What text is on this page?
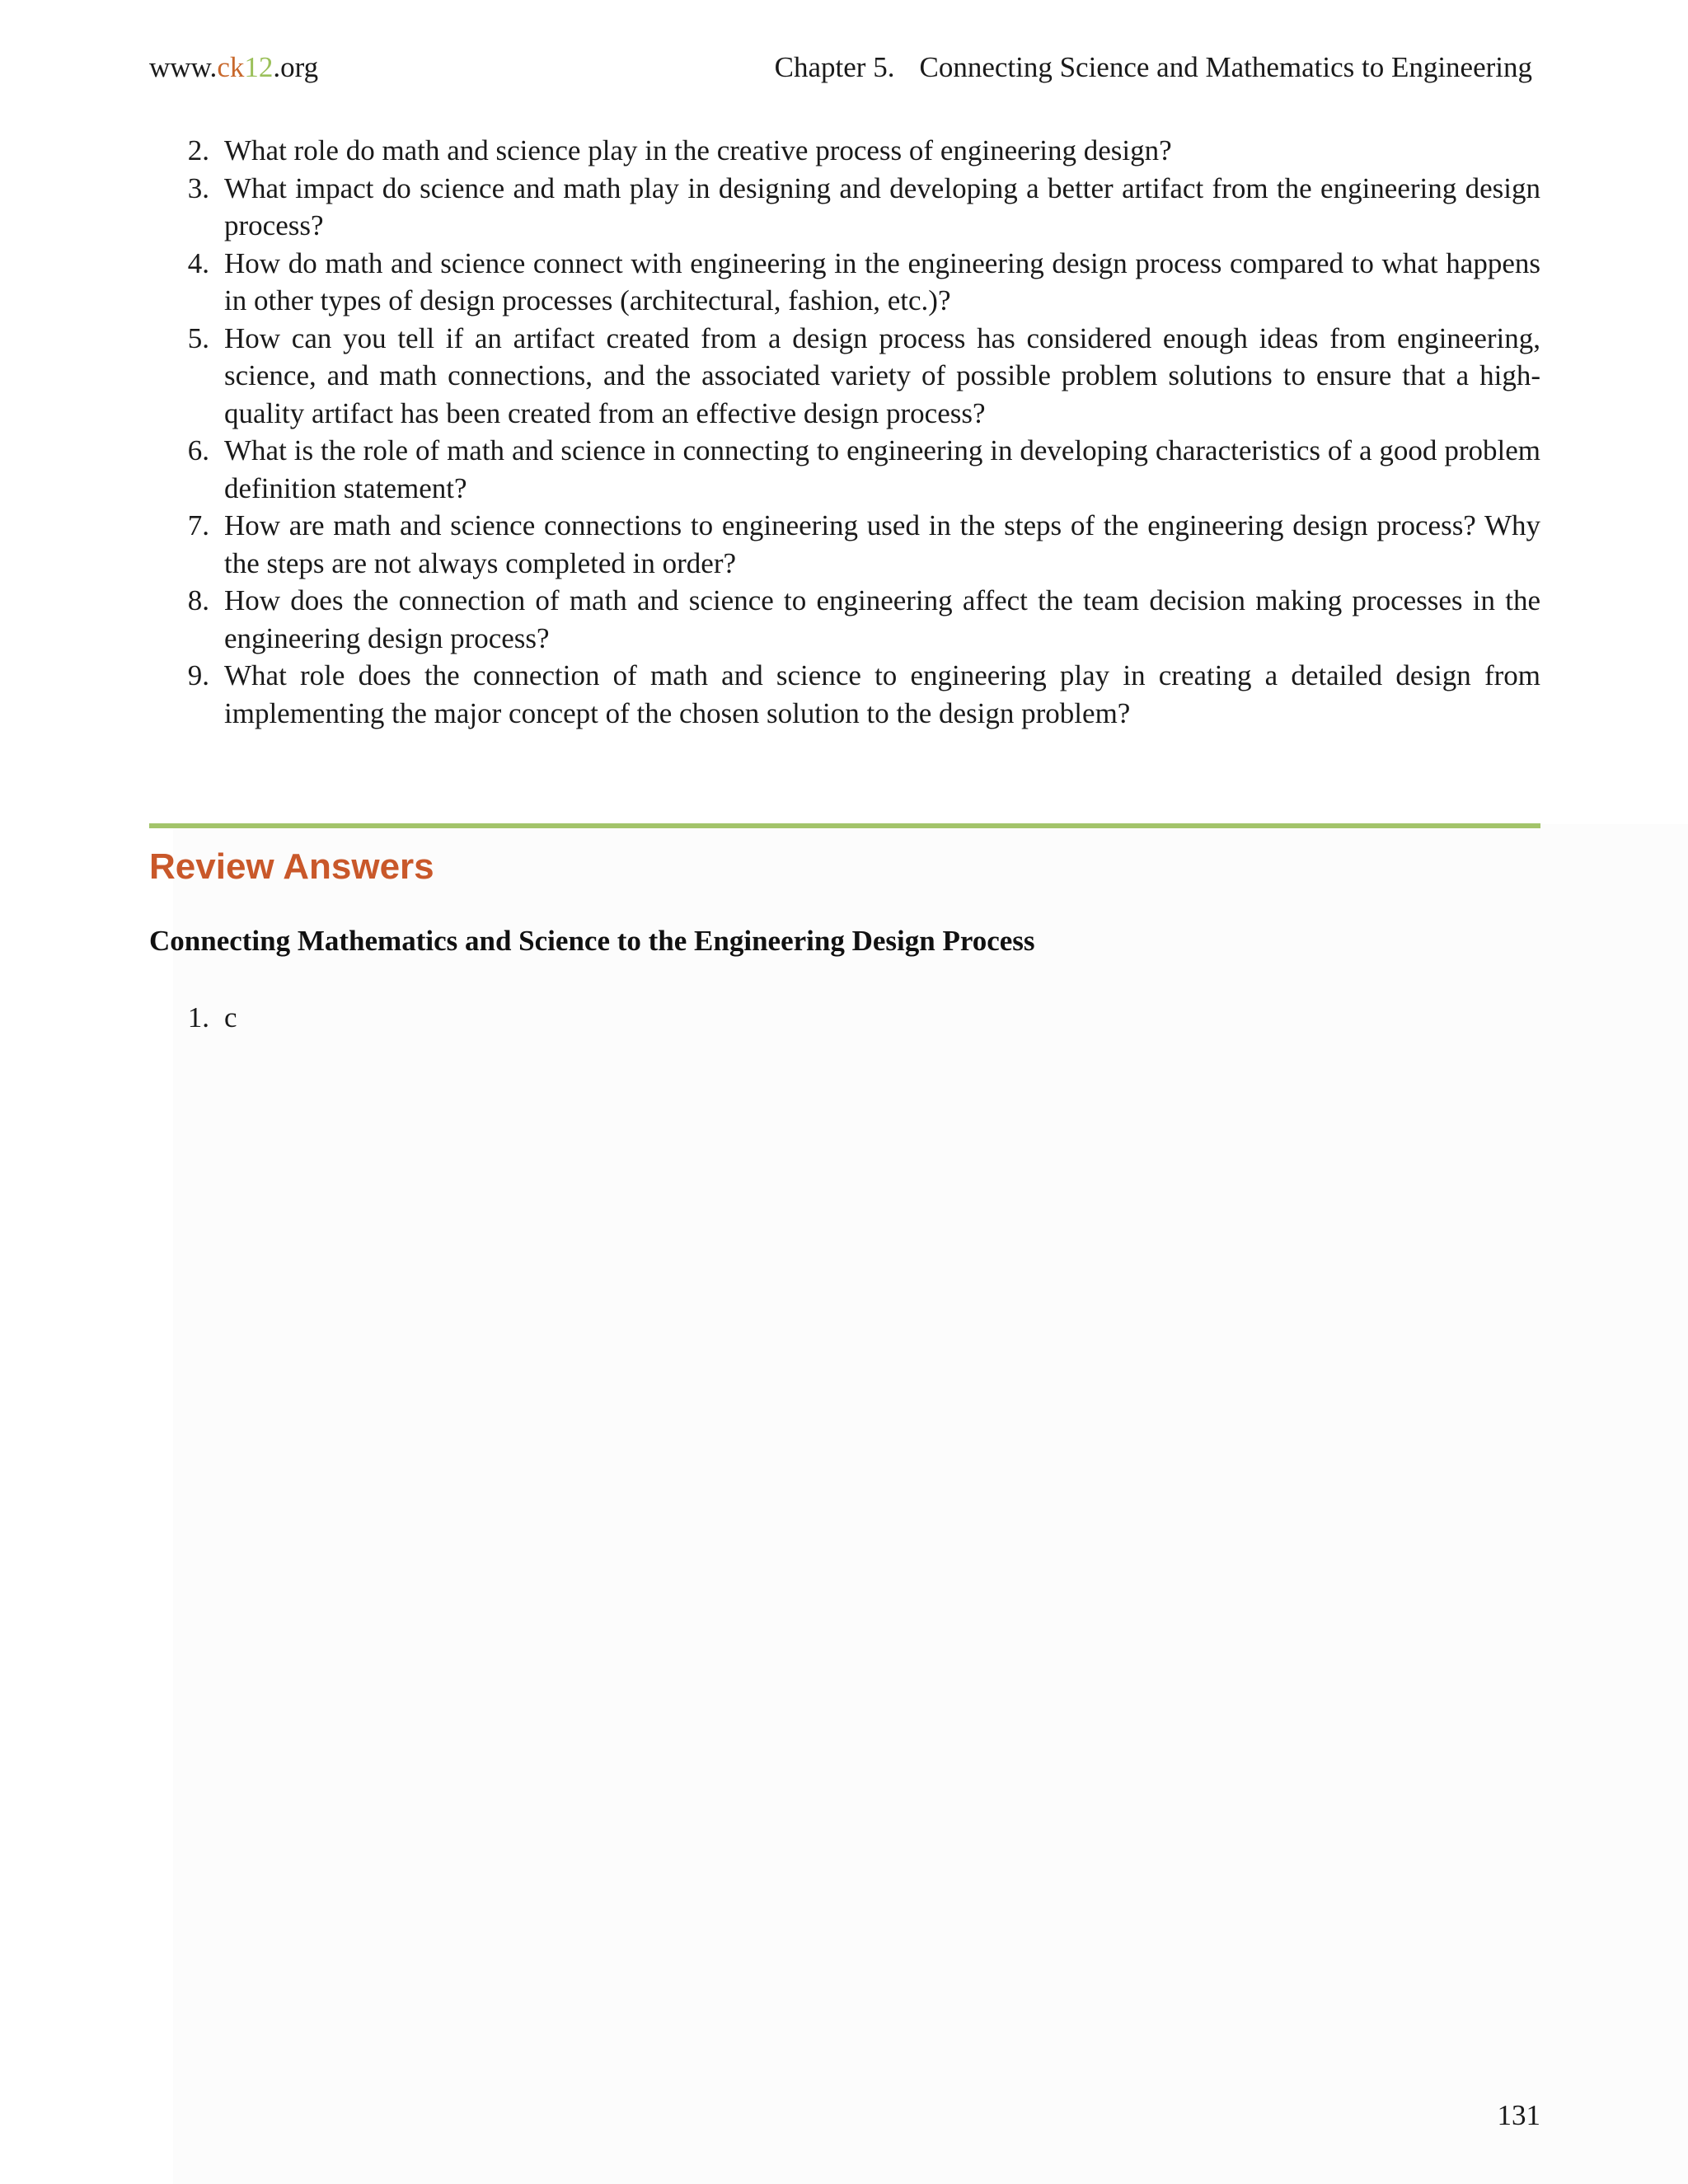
www.ck12.org	Chapter 5. Connecting Science and Mathematics to Engineering
2. What role do math and science play in the creative process of engineering design?
3. What impact do science and math play in designing and developing a better artifact from the engineering design process?
4. How do math and science connect with engineering in the engineering design process compared to what happens in other types of design processes (architectural, fashion, etc.)?
5. How can you tell if an artifact created from a design process has considered enough ideas from engineering, science, and math connections, and the associated variety of possible problem solutions to ensure that a high-quality artifact has been created from an effective design process?
6. What is the role of math and science in connecting to engineering in developing characteristics of a good problem definition statement?
7. How are math and science connections to engineering used in the steps of the engineering design process? Why the steps are not always completed in order?
8. How does the connection of math and science to engineering affect the team decision making processes in the engineering design process?
9. What role does the connection of math and science to engineering play in creating a detailed design from implementing the major concept of the chosen solution to the design problem?
Review Answers
Connecting Mathematics and Science to the Engineering Design Process
1. c
131
